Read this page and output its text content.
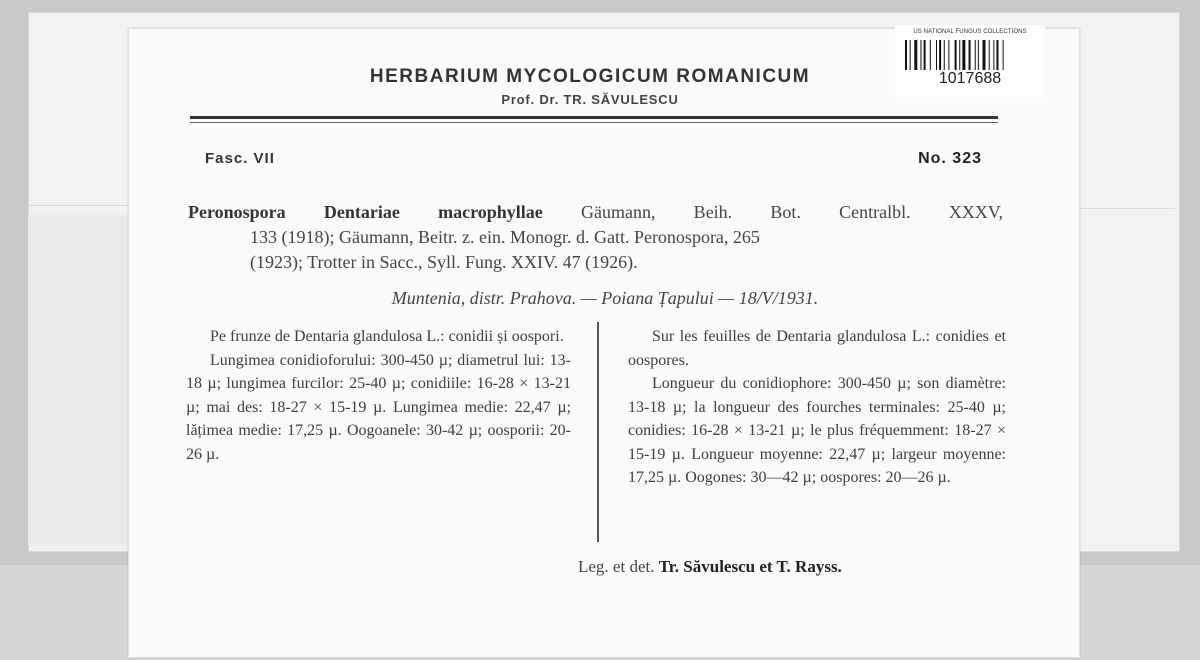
US NATIONAL FUNGUS COLLECTIONS
1017688
HERBARIUM MYCOLOGICUM ROMANICUM
Prof. Dr. TR. SĂVULESCU
Fasc. VII	No. 323
Peronospora Dentariae macrophyllae Gäumann, Beih. Bot. Centralbl. XXXV,
133 (1918); Gäumann, Beitr. z. ein. Monogr. d. Gatt. Peronospora, 265
(1923); Trotter in Sacc., Syll. Fung. XXIV. 47 (1926).
Muntenia, distr. Prahova. — Poiana Țapului — 18/V/1931.

Pe frunze de Dentaria glandulosa L.: conidii și oospori.

Lungimea conidioforului: 300-450 µ; diametrul lui: 13-18 µ; lungimea furcilor: 25-40 µ; conidiile: 16-28 × 13-21 µ; mai des: 18-27 × 15-19 µ. Lungimea medie: 22,47 µ; lățimea medie: 17,25 µ. Oogoanele: 30-42 µ; oosporii: 20-26 µ.

Sur les feuilles de Dentaria glandulosa L.: conidies et oospores.

Longueur du conidiophore: 300-450 µ; son diamètre: 13-18 µ; la longueur des fourches terminales: 25-40 µ; conidies: 16-28 × 13-21 µ; le plus fréquemment: 18-27 × 15-19 µ. Longueur moyenne: 22,47 µ; largeur moyenne: 17,25 µ. Oogones: 30—42 µ; oospores: 20—26 µ.

Leg. et det. Tr. Săvulescu et T. Rayss.
